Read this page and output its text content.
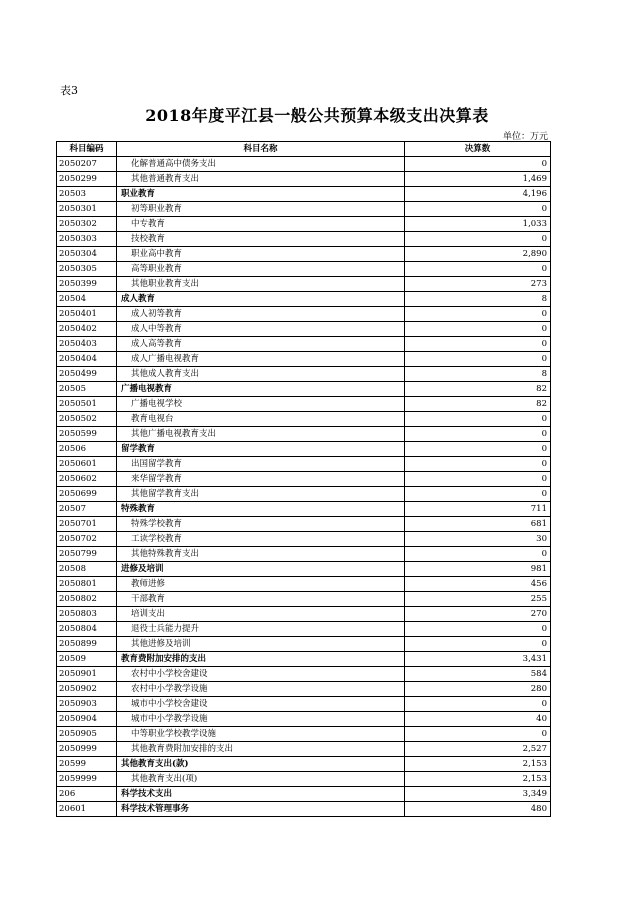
表3
2018年度平江县一般公共预算本级支出决算表
单位：万元
科目编码	科目名称	决算数
2050207	化解普通高中债务支出	0
2050299	其他普通教育支出	1,469
20503	职业教育	4,196
2050301	初等职业教育	0
2050302	中专教育	1,033
2050303	技校教育	0
2050304	职业高中教育	2,890
2050305	高等职业教育	0
2050399	其他职业教育支出	273
20504	成人教育	8
2050401	成人初等教育	0
2050402	成人中等教育	0
2050403	成人高等教育	0
2050404	成人广播电视教育	0
2050499	其他成人教育支出	8
20505	广播电视教育	82
2050501	广播电视学校	82
2050502	教育电视台	0
2050599	其他广播电视教育支出	0
20506	留学教育	0
2050601	出国留学教育	0
2050602	来华留学教育	0
2050699	其他留学教育支出	0
20507	特殊教育	711
2050701	特殊学校教育	681
2050702	工读学校教育	30
2050799	其他特殊教育支出	0
20508	进修及培训	981
2050801	教师进修	456
2050802	干部教育	255
2050803	培训支出	270
2050804	退役士兵能力提升	0
2050899	其他进修及培训	0
20509	教育费附加安排的支出	3,431
2050901	农村中小学校舍建设	584
2050902	农村中小学教学设施	280
2050903	城市中小学校舍建设	0
2050904	城市中小学教学设施	40
2050905	中等职业学校教学设施	0
2050999	其他教育费附加安排的支出	2,527
20599	其他教育支出(款)	2,153
2059999	其他教育支出(项)	2,153
206	科学技术支出	3,349
20601	科学技术管理事务	480
